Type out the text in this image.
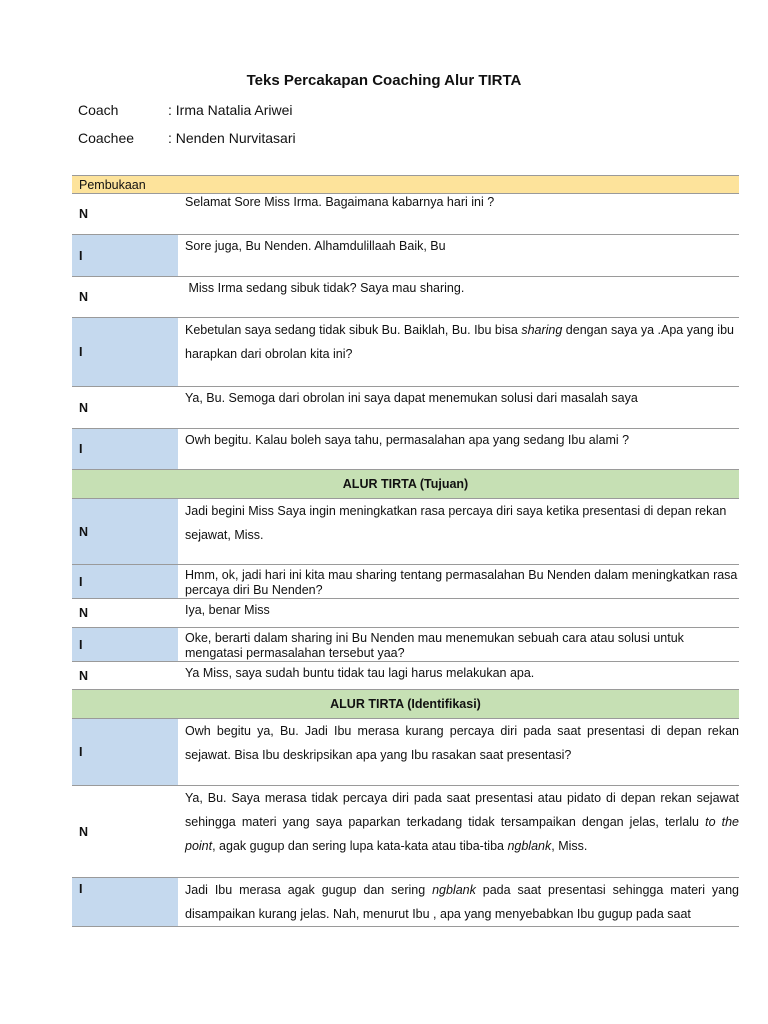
Teks Percakapan Coaching Alur TIRTA
Coach	: Irma Natalia Ariwei
Coachee : Nenden Nurvitasari
Pembukaan	
N	Selamat Sore Miss Irma. Bagaimana kabarnya hari ini ?
I	Sore juga, Bu Nenden. Alhamdulillaah Baik, Bu
N	Miss Irma sedang sibuk tidak? Saya mau sharing.
I	Kebetulan saya sedang tidak sibuk Bu. Baiklah, Bu. Ibu bisa sharing dengan saya ya .Apa yang ibu harapkan dari obrolan kita ini?
N	Ya, Bu. Semoga dari obrolan ini saya dapat menemukan solusi dari masalah saya
I	Owh begitu. Kalau boleh saya tahu, permasalahan apa yang sedang Ibu alami ?
ALUR TIRTA (Tujuan)	
N	Jadi begini Miss Saya ingin meningkatkan rasa percaya diri saya ketika presentasi di depan rekan sejawat, Miss.
I	Hmm, ok, jadi hari ini kita mau sharing tentang permasalahan Bu Nenden dalam meningkatkan rasa percaya diri Bu Nenden?
N	Iya, benar Miss
I	Oke, berarti dalam sharing ini Bu Nenden mau menemukan sebuah cara atau solusi untuk mengatasi permasalahan tersebut yaa?
N	Ya Miss, saya sudah buntu tidak tau lagi harus melakukan apa.
ALUR TIRTA (Identifikasi)	
I	Owh begitu ya, Bu. Jadi Ibu merasa kurang percaya diri pada saat presentasi di depan rekan sejawat. Bisa Ibu deskripsikan apa yang Ibu rasakan saat presentasi?
N	Ya, Bu. Saya merasa tidak percaya diri pada saat presentasi atau pidato di depan rekan sejawat sehingga materi yang saya paparkan terkadang tidak tersampaikan dengan jelas, terlalu to the point, agak gugup dan sering lupa kata-kata atau tiba-tiba ngblank, Miss.
I	Jadi Ibu merasa agak gugup dan sering ngblank pada saat presentasi sehingga materi yang disampaikan kurang jelas. Nah, menurut Ibu , apa yang menyebabkan Ibu gugup pada saat
